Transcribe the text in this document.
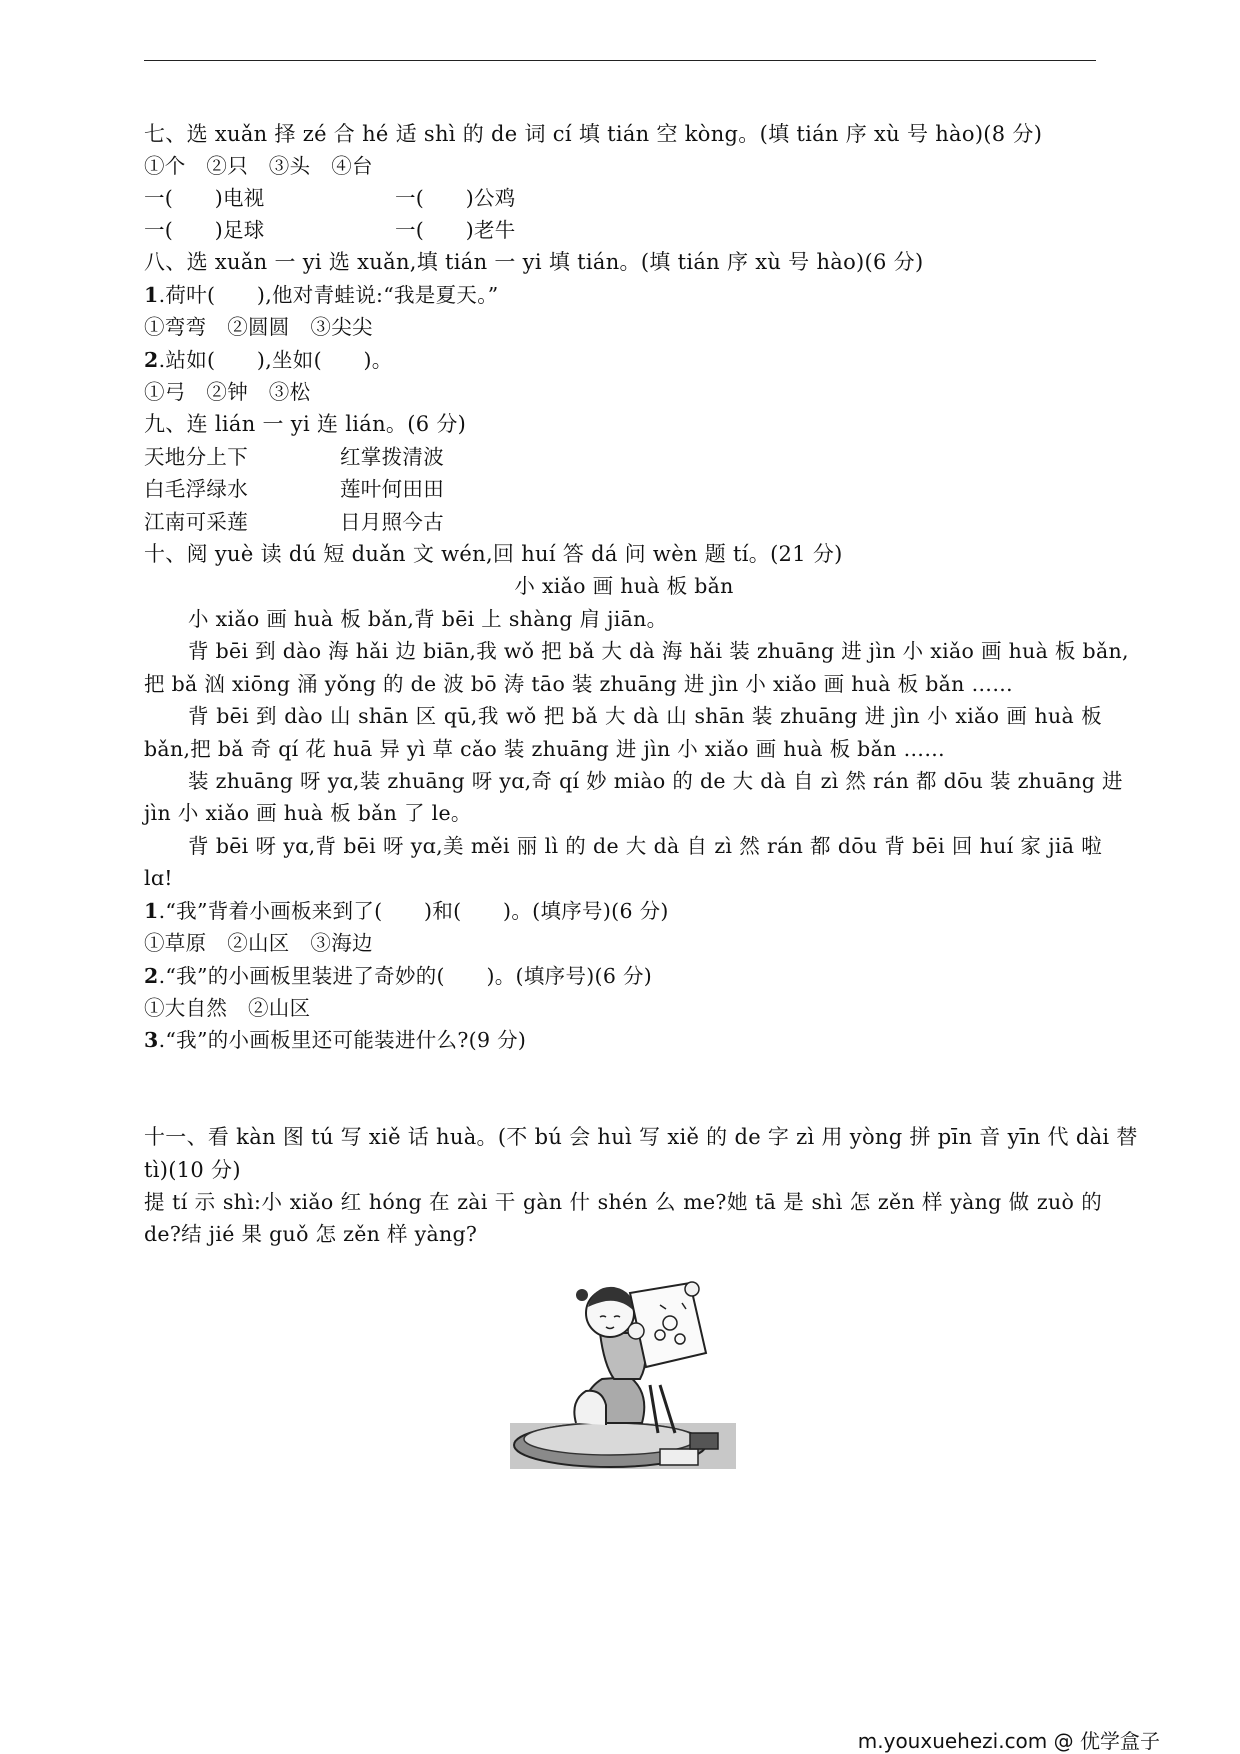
七、选 xuǎn 择 zé 合 hé 适 shì 的 de 词 cí 填 tián 空 kòng。(填 tián 序 xù 号 hào)(8 分)
①个　②只　③头　④台
一(　　)电视	一(　　)公鸡
一(　　)足球	一(　　)老牛
八、选 xuǎn 一 yi 选 xuǎn,填 tián 一 yi 填 tián。(填 tián 序 xù 号 hào)(6 分)
1.荷叶(　　),他对青蛙说:“我是夏天。”
①弯弯　②圆圆　③尖尖
2.站如(　　),坐如(　　)。
①弓　②钟　③松
九、连 lián 一 yi 连 lián。(6 分)
天地分上下	红掌拨清波
白毛浮绿水	莲叶何田田
江南可采莲	日月照今古
十、阅 yuè 读 dú 短 duǎn 文 wén,回 huí 答 dá 问 wèn 题 tí。(21 分)
小 xiǎo 画 huà 板 bǎn
小 xiǎo 画 huà 板 bǎn,背 bēi 上 shàng 肩 jiān。
背 bēi 到 dào 海 hǎi 边 biān,我 wǒ 把 bǎ 大 dà 海 hǎi 装 zhuāng 进 jìn 小 xiǎo 画 huà 板 bǎn,
把 bǎ 汹 xiōng 涌 yǒng 的 de 波 bō 涛 tāo 装 zhuāng 进 jìn 小 xiǎo 画 huà 板 bǎn ……
背 bēi 到 dào 山 shān 区 qū,我 wǒ 把 bǎ 大 dà 山 shān 装 zhuāng 进 jìn 小 xiǎo 画 huà 板
bǎn,把 bǎ 奇 qí 花 huā 异 yì 草 cǎo 装 zhuāng 进 jìn 小 xiǎo 画 huà 板 bǎn ……
装 zhuāng 呀 yɑ,装 zhuāng 呀 yɑ,奇 qí 妙 miào 的 de 大 dà 自 zì 然 rán 都 dōu 装 zhuāng 进
jìn 小 xiǎo 画 huà 板 bǎn 了 le。
背 bēi 呀 yɑ,背 bēi 呀 yɑ,美 měi 丽 lì 的 de 大 dà 自 zì 然 rán 都 dōu 背 bēi 回 huí 家 jiā 啦
lɑ!
1.“我”背着小画板来到了(　　)和(　　)。(填序号)(6 分)
①草原　②山区　③海边
2.“我”的小画板里装进了奇妙的(　　)。(填序号)(6 分)
①大自然　②山区
3.“我”的小画板里还可能装进什么?(9 分)
十一、看 kàn 图 tú 写 xiě 话 huà。(不 bú 会 huì 写 xiě 的 de 字 zì 用 yòng 拼 pīn 音 yīn 代 dài 替
tì)(10 分)
提 tí 示 shì:小 xiǎo 红 hóng 在 zài 干 gàn 什 shén 么 me?她 tā 是 shì 怎 zěn 样 yàng 做 zuò 的
de?结 jié 果 guǒ 怎 zěn 样 yàng?
m.youxuehezi.com @ 优学盒子
